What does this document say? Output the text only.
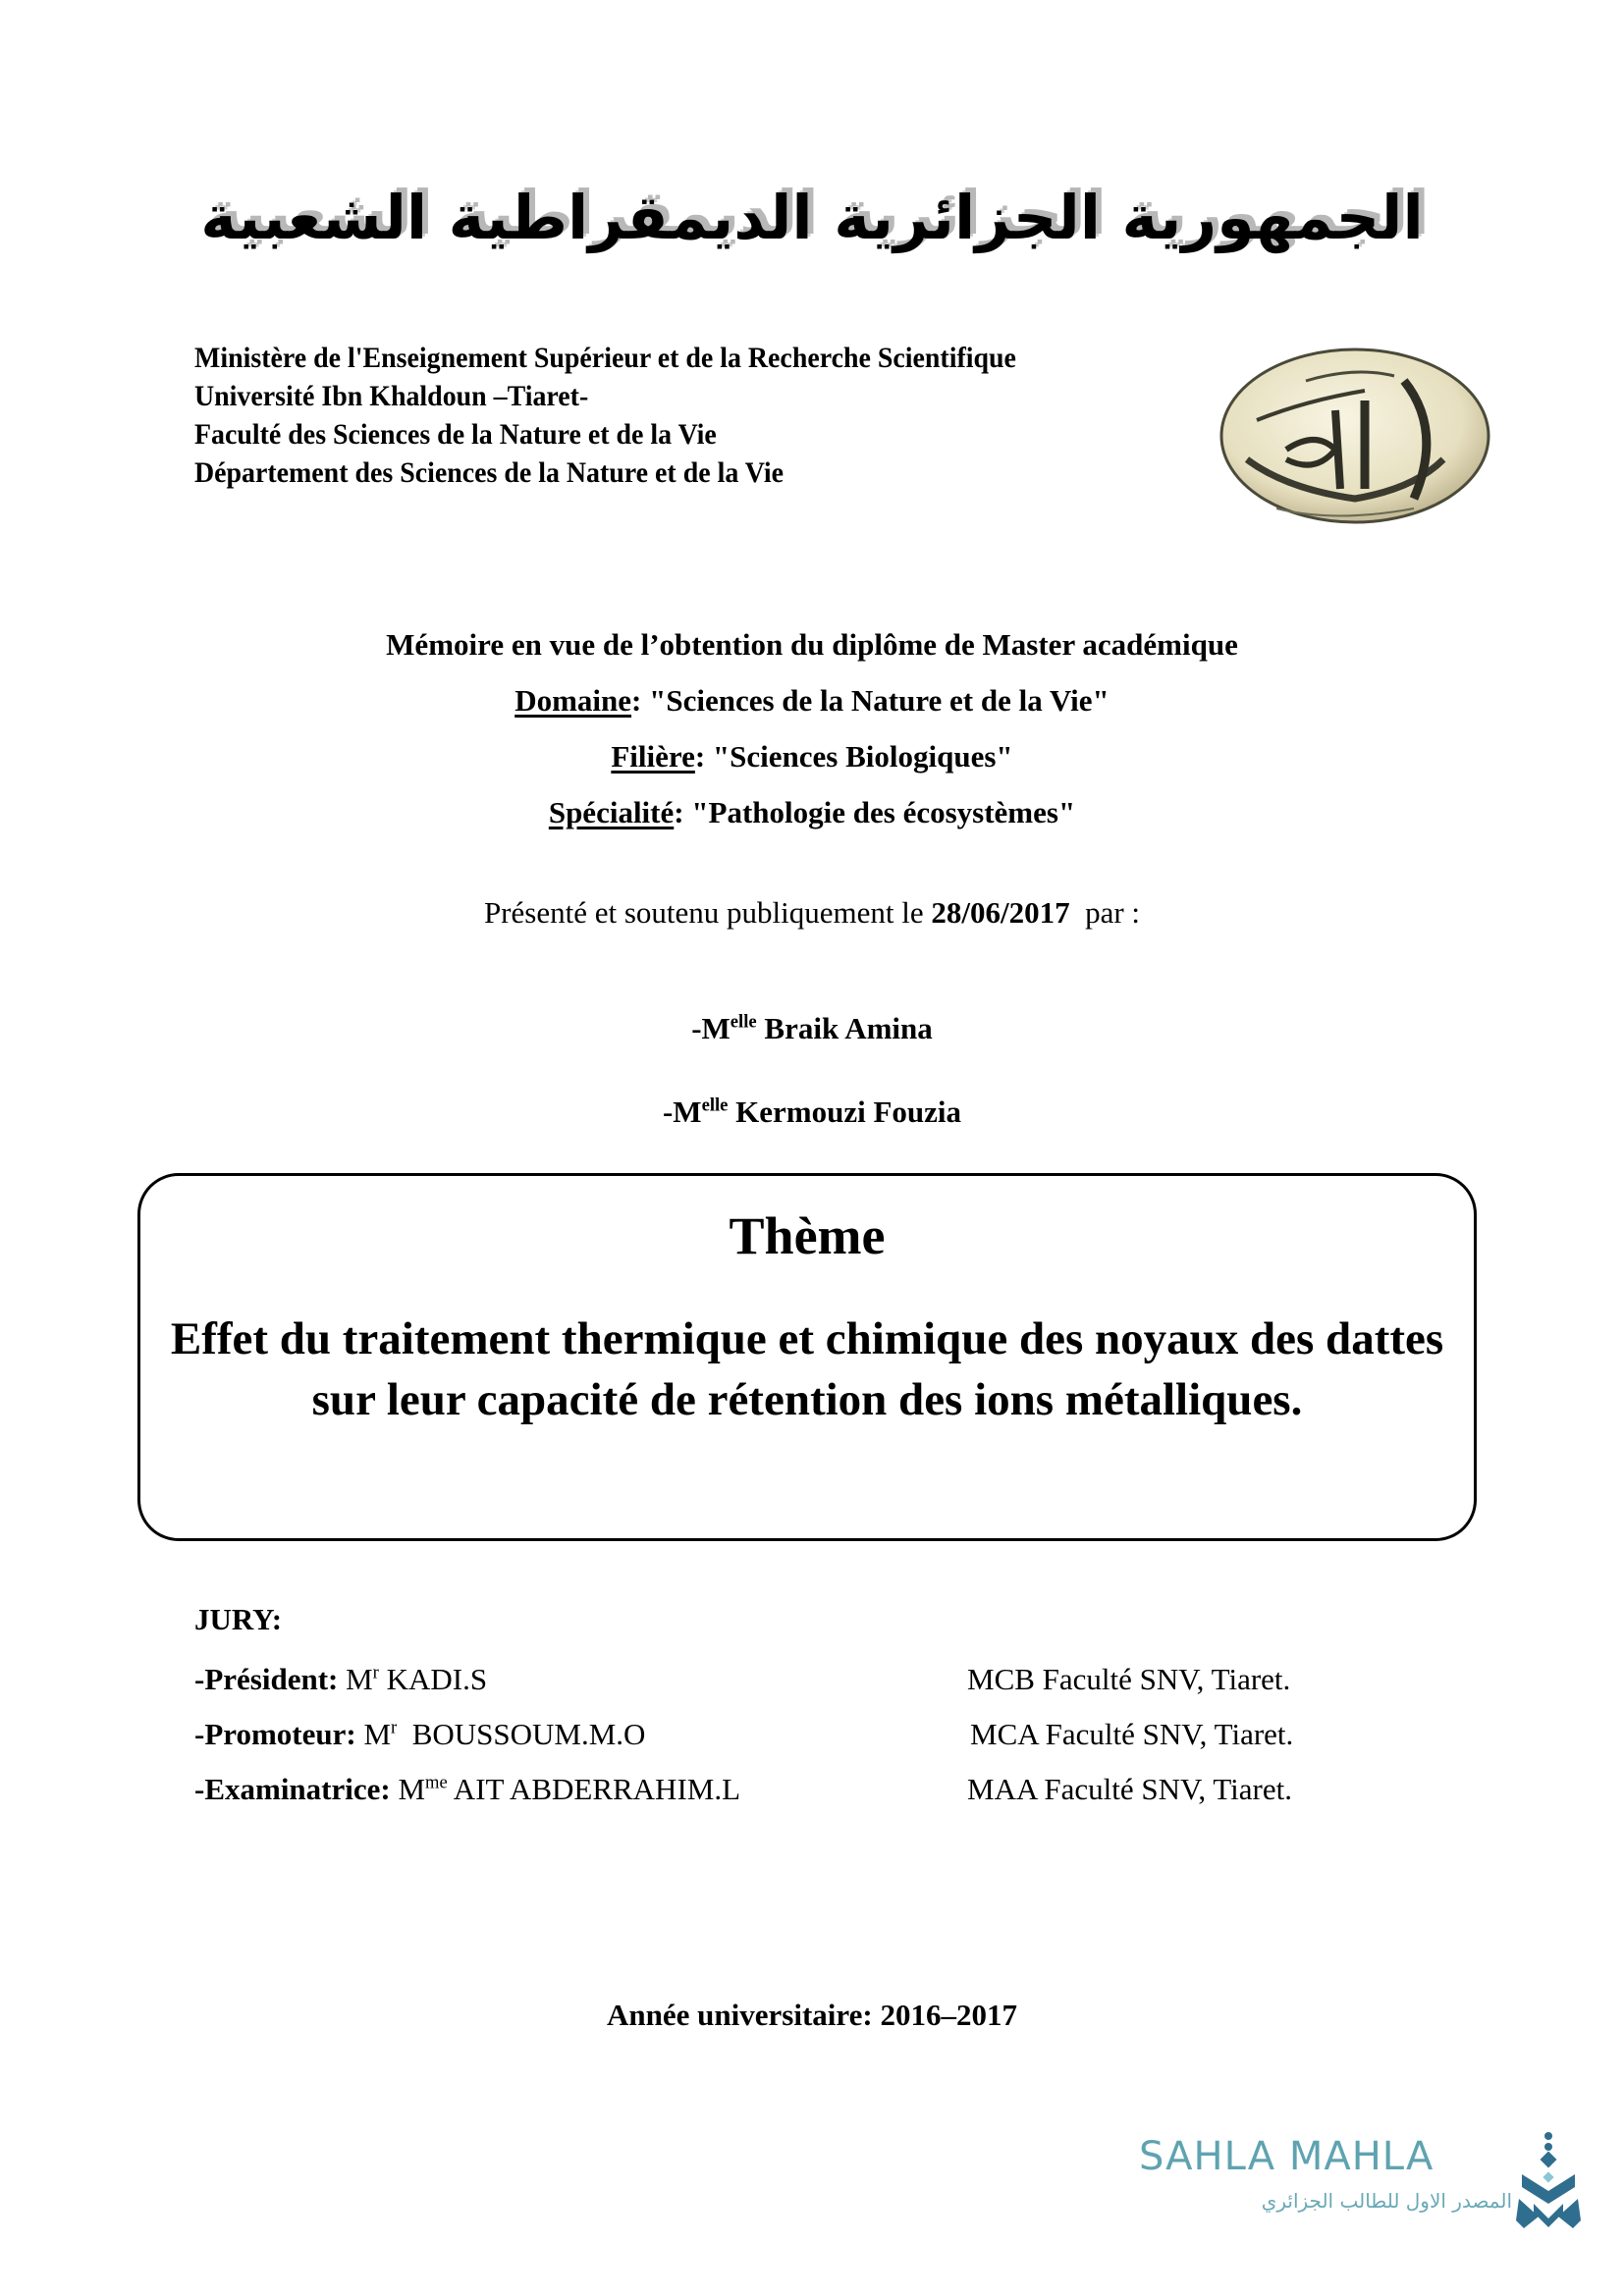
الجمهورية الجزائرية الديمقراطية الشعبية
Ministère de l'Enseignement Supérieur et de la Recherche Scientifique
Université Ibn Khaldoun –Tiaret-
Faculté des Sciences de la Nature et de la Vie
Département des Sciences de la Nature et de la Vie
Mémoire en vue de l’obtention du diplôme de Master académique
Domaine: "Sciences de la Nature et de la Vie"
Filière: "Sciences Biologiques"
Spécialité: "Pathologie des écosystèmes"
Présenté et soutenu publiquement le 28/06/2017  par :
$-M^{elle}$ Braik Amina
$-M^{elle}$ Kermouzi Fouzia
Thème
Effet du traitement thermique et chimique des noyaux des dattes sur leur capacité de rétention des ions métalliques.
JURY:
-Président: $M^r$ KADI.S	MCB Faculté SNV, Tiaret.
-Promoteur: $M^r$  BOUSSOUM.M.O	MCA Faculté SNV, Tiaret.
-Examinatrice: $M^{me}$ AIT ABDERRAHIM.L	MAA Faculté SNV, Tiaret.
Année universitaire: 2016–2017
SAHLA MAHLA
المصدر الاول للطالب الجزائري
